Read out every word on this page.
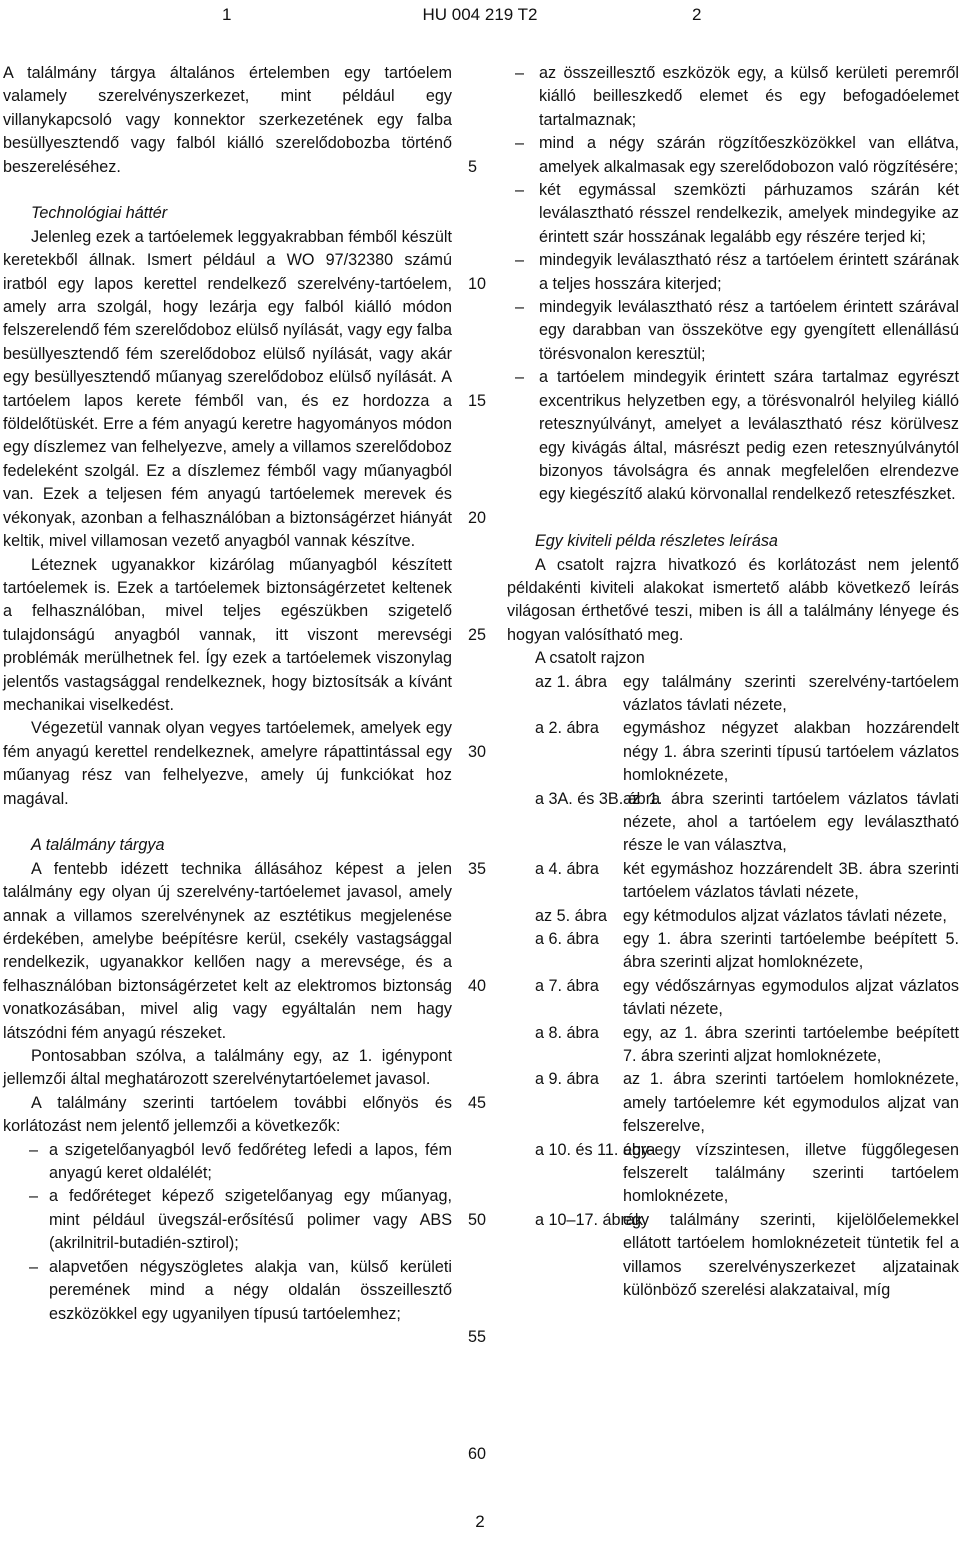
1	HU 004 219 T2	2

A találmány tárgya általános értelemben egy tartóelem valamely szerelvényszerkezet, mint például egy villanykapcsoló vagy konnektor szerkezetének egy falba besüllyesztendő vagy falból kiálló szerelődobozba történő beszereléséhez.

Technológiai háttér

Jelenleg ezek a tartóelemek leggyakrabban fémből készült keretekből állnak. Ismert például a WO 97/32380 számú iratból egy lapos kerettel rendelkező szerelvény-tartóelem, amely arra szolgál, hogy lezárja egy falból kiálló módon felszerelendő fém szerelődoboz elülső nyílását, vagy egy falba besüllyesztendő fém szerelődoboz elülső nyílását, vagy akár egy besüllyesztendő műanyag szerelődoboz elülső nyílását. A tartóelem lapos kerete fémből van, és ez hordozza a földelőtüskét. Erre a fém anyagú keretre hagyományos módon egy díszlemez van felhelyezve, amely a villamos szerelődoboz fedeleként szolgál. Ez a díszlemez fémből vagy műanyagból van. Ezek a teljesen fém anyagú tartóelemek merevek és vékonyak, azonban a felhasználóban a biztonságérzet hiányát keltik, mivel villamosan vezető anyagból vannak készítve.

Léteznek ugyanakkor kizárólag műanyagból készített tartóelemek is. Ezek a tartóelemek biztonságérzetet keltenek a felhasználóban, mivel teljes egészükben szigetelő tulajdonságú anyagból vannak, itt viszont merevségi problémák merülhetnek fel. Így ezek a tartóelemek viszonylag jelentős vastagsággal rendelkeznek, hogy biztosítsák a kívánt mechanikai viselkedést.

Végezetül vannak olyan vegyes tartóelemek, amelyek egy fém anyagú kerettel rendelkeznek, amelyre rápattintással egy műanyag rész van felhelyezve, amely új funkciókat hoz magával.

A találmány tárgya

A fentebb idézett technika állásához képest a jelen találmány egy olyan új szerelvény-tartóelemet javasol, amely annak a villamos szerelvénynek az esztétikus megjelenése érdekében, amelybe beépítésre kerül, csekély vastagsággal rendelkezik, ugyanakkor kellően nagy a merevsége, és a felhasználóban biztonságérzetet kelt az elektromos biztonság vonatkozásában, mivel alig vagy egyáltalán nem hagy látszódni fém anyagú részeket.

Pontosabban szólva, a találmány egy, az 1. igénypont jellemzői által meghatározott szerelvénytartóelemet javasol.

A találmány szerinti tartóelem további előnyös és korlátozást nem jelentő jellemzői a következők:

– a szigetelőanyagból levő fedőréteg lefedi a lapos, fém anyagú keret oldalélét;
– a fedőréteget képező szigetelőanyag egy műanyag, mint például üvegszál-erősítésű polimer vagy ABS (akrilnitril-butadién-sztirol);
– alapvetően négyszögletes alakja van, külső kerületi peremének mind a négy oldalán összeillesztő eszközökkel egy ugyanilyen típusú tartóelemhez;
5
10
15
20
25
30
35
40
45
50
55
60
– az összeillesztő eszközök egy, a külső kerületi peremről kiálló beilleszkedő elemet és egy befogadóelemet tartalmaznak;
– mind a négy szárán rögzítőeszközökkel van ellátva, amelyek alkalmasak egy szerelődobozon való rögzítésére;
– két egymással szemközti párhuzamos szárán két leválasztható résszel rendelkezik, amelyek mindegyike az érintett szár hosszának legalább egy részére terjed ki;
– mindegyik leválasztható rész a tartóelem érintett szárának a teljes hosszára kiterjed;
– mindegyik leválasztható rész a tartóelem érintett szárával egy darabban van összekötve egy gyengített ellenállású törésvonalon keresztül;
– a tartóelem mindegyik érintett szára tartalmaz egyrészt excentrikus helyzetben egy, a törésvonalról helyileg kiálló retesznyúlványt, amelyet a leválasztható rész körülvesz egy kivágás által, másrészt pedig ezen retesznyúlványtól bizonyos távolságra és annak megfelelően elrendezve egy kiegészítő alakú körvonallal rendelkező reteszfészket.
Egy kiviteli példa részletes leírása

A csatolt rajzra hivatkozó és korlátozást nem jelentő példakénti kiviteli alakokat ismertető alább következő leírás világosan érthetővé teszi, miben is áll a találmány lényege és hogyan valósítható meg.

A csatolt rajzon

az 1. ábra egy találmány szerinti szerelvény-tartóelem vázlatos távlati nézete,
a 2. ábra egymáshoz négyzet alakban hozzárendelt négy 1. ábra szerinti típusú tartóelem vázlatos homloknézete,
a 3A. és 3B. ábra
az 1. ábra szerinti tartóelem vázlatos távlati nézete, ahol a tartóelem egy leválasztható része le van választva,
a 4. ábra két egymáshoz hozzárendelt 3B. ábra szerinti tartóelem vázlatos távlati nézete,
az 5. ábra egy kétmodulos aljzat vázlatos távlati nézete,
a 6. ábra egy 1. ábra szerinti tartóelembe beépített 5. ábra szerinti aljzat homloknézete,
a 7. ábra egy védőszárnyas egymodulos aljzat vázlatos távlati nézete,
a 8. ábra egy, az 1. ábra szerinti tartóelembe beépített 7. ábra szerinti aljzat homloknézete,
a 9. ábra az 1. ábra szerinti tartóelem homloknézete, amely tartóelemre két egymodulos aljzat van felszerelve,
a 10. és 11. ábra
egy-egy vízszintesen, illetve függőlegesen felszerelt találmány szerinti tartóelem homloknézete,
a 10–17. ábrák
egy találmány szerinti, kijelölőelemekkel ellátott tartóelem homloknézeteit tüntetik fel a villamos szerelvényszerkezet aljzatainak különböző szerelési alakzataival, míg
2
